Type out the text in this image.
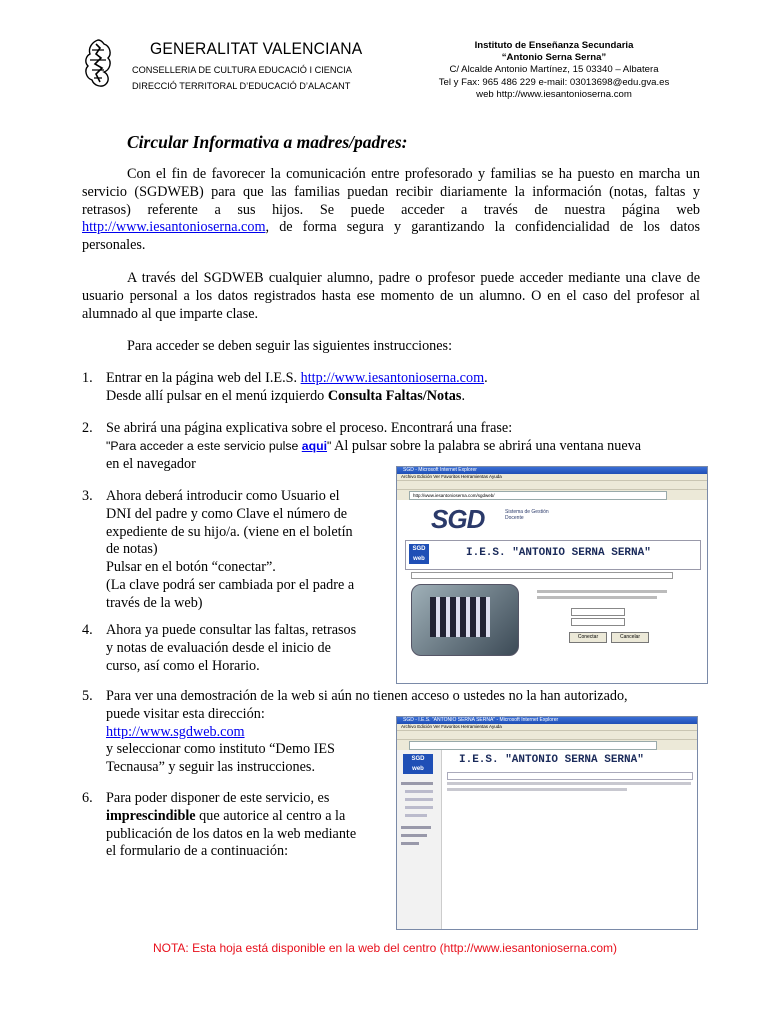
GENERALITAT VALENCIANA
CONSELLERIA DE CULTURA EDUCACIÓ I CIENCIA
DIRECCIÓ TERRITORAL D’EDUCACIÓ D’ALACANT
Instituto de Enseñanza Secundaria
“Antonio Serna Serna”
C/ Alcalde Antonio Martínez, 15 03340 – Albatera
Tel y Fax: 965 486 229 e-mail: 03013698@edu.gva.es
web http://www.iesantonioserna.com
Circular Informativa a madres/padres:
Con el fin de favorecer la comunicación entre profesorado y familias se ha puesto en marcha un servicio (SGDWEB) para que las familias puedan recibir diariamente la información (notas, faltas y retrasos) referente a sus hijos. Se puede acceder a través de nuestra página web http://www.iesantonioserna.com, de forma segura y garantizando la confidencialidad de los datos personales.
A través del SGDWEB cualquier alumno, padre o profesor puede acceder mediante una clave de usuario personal a los datos registrados hasta ese momento de un alumno. O en el caso del profesor al alumnado al que imparte clase.
Para acceder se deben seguir las siguientes instrucciones:
1. Entrar en la página web del I.E.S. http://www.iesantonioserna.com.
Desde allí pulsar en el menú izquierdo Consulta Faltas/Notas.
2. Se abrirá una página explicativa sobre el proceso. Encontrará una frase:
"Para acceder a este servicio pulse aqui" Al pulsar sobre la palabra se abrirá una ventana nueva
en el navegador
3. Ahora deberá introducir como Usuario el
DNI del padre y como Clave el número de
expediente de su hijo/a. (viene en el boletín
de notas)
Pulsar en el botón “conectar”.
(La clave podrá ser cambiada por el padre a
través de la web)
4. Ahora ya puede consultar las faltas, retrasos
y notas de evaluación desde el inicio de
curso, así como el Horario.
5. Para ver una demostración de la web si aún no tienen acceso o ustedes no la han autorizado,
puede visitar esta dirección:
http://www.sgdweb.com
y seleccionar como instituto “Demo IES
Tecnausa” y seguir las instrucciones.
6. Para poder disponer de este servicio, es
imprescindible que autorice al centro a la
publicación de los datos en la web mediante
el formulario de a continuación:
SGD - Microsoft Internet Explorer
Archivo Edición Ver Favoritos Herramientas Ayuda
http://www.iesantonioserna.com/sgdweb/
SGD	Sistema de Gestión Docente
SGD
web	I.E.S. "ANTONIO SERNA SERNA"
Conectar	Cancelar
SGD - I.E.S. "ANTONIO SERNA SERNA" - Microsoft Internet Explorer
Archivo Edición Ver Favoritos Herramientas Ayuda
SGD
web
I.E.S. "ANTONIO SERNA SERNA"
NOTA: Esta hoja está disponible en la web del centro (http://www.iesantonioserna.com)
